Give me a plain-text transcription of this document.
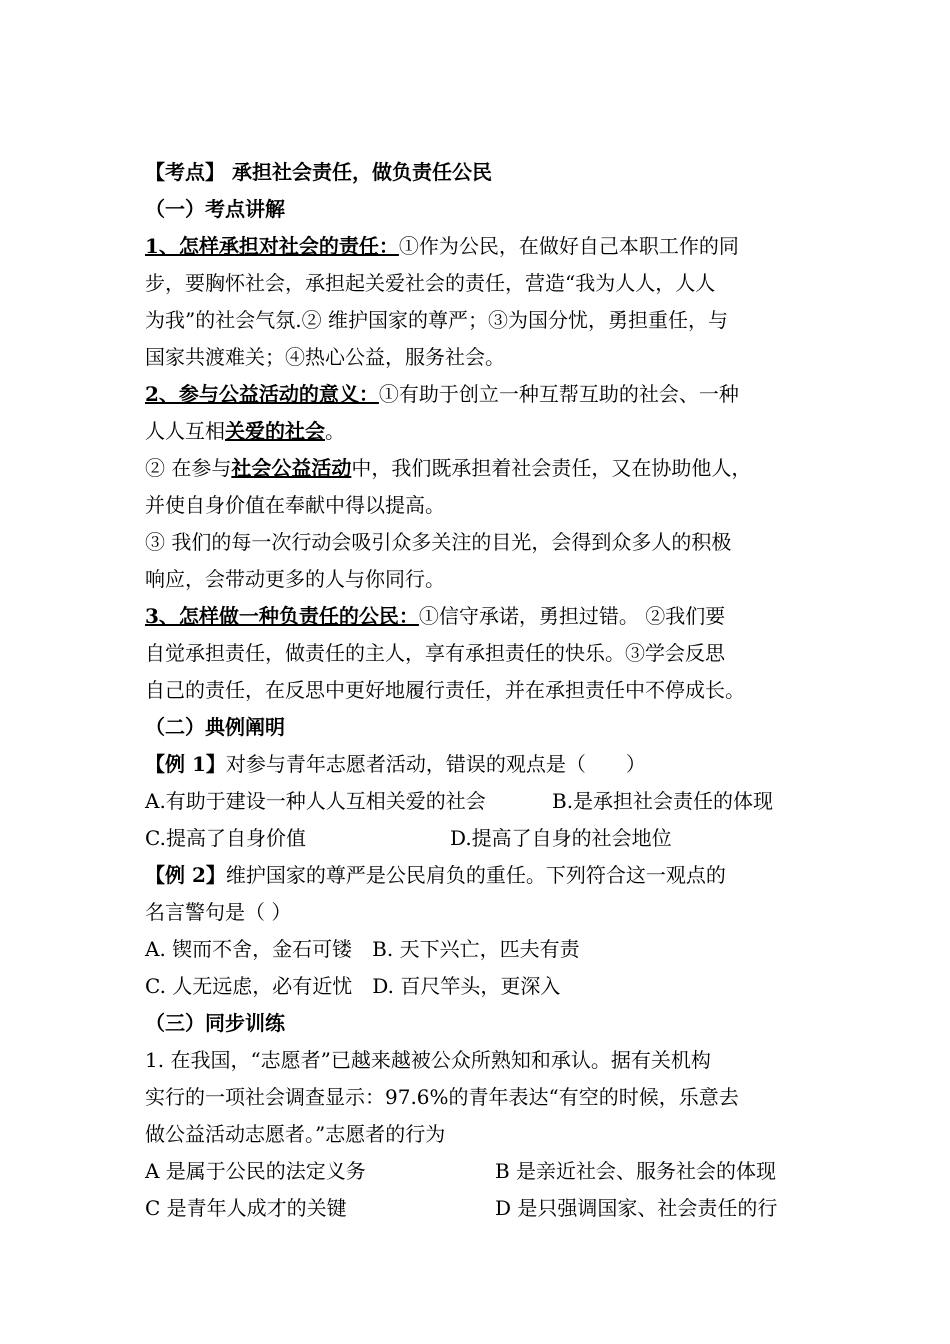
【考点】 承担社会责任，做负责任公民
（一）考点讲解
1、怎样承担对社会的责任：①作为公民，在做好自己本职工作的同
步，要胸怀社会，承担起关爱社会的责任，营造“我为人人，人人
为我”的社会气氛.② 维护国家的尊严；③为国分忧，勇担重任，与
国家共渡难关；④热心公益，服务社会。
2、参与公益活动的意义：①有助于创立一种互帮互助的社会、一种
人人互相关爱的社会。
② 在参与社会公益活动中，我们既承担着社会责任，又在协助他人，
并使自身价值在奉献中得以提高。
③ 我们的每一次行动会吸引众多关注的目光，会得到众多人的积极
响应，会带动更多的人与你同行。
3、怎样做一种负责任的公民：①信守承诺，勇担过错。 ②我们要
自觉承担责任，做责任的主人，享有承担责任的快乐。③学会反思
自己的责任，在反思中更好地履行责任，并在承担责任中不停成长。
（二）典例阐明
【例 1】对参与青年志愿者活动，错误的观点是（　　）
A.有助于建设一种人人互相关爱的社会	B.是承担社会责任的体现
C.提高了自身价值	D.提高了自身的社会地位
【例 2】维护国家的尊严是公民肩负的重任。下列符合这一观点的
名言警句是（ ）
A. 锲而不舍，金石可镂　B. 天下兴亡，匹夫有责
C. 人无远虑，必有近忧　D. 百尺竿头，更深入
（三）同步训练
1. 在我国，“志愿者”已越来越被公众所熟知和承认。据有关机构
实行的一项社会调查显示：97.6%的青年表达“有空的时候，乐意去
做公益活动志愿者。”志愿者的行为
A 是属于公民的法定义务	B 是亲近社会、服务社会的体现
C 是青年人成才的关键	D 是只强调国家、社会责任的行
